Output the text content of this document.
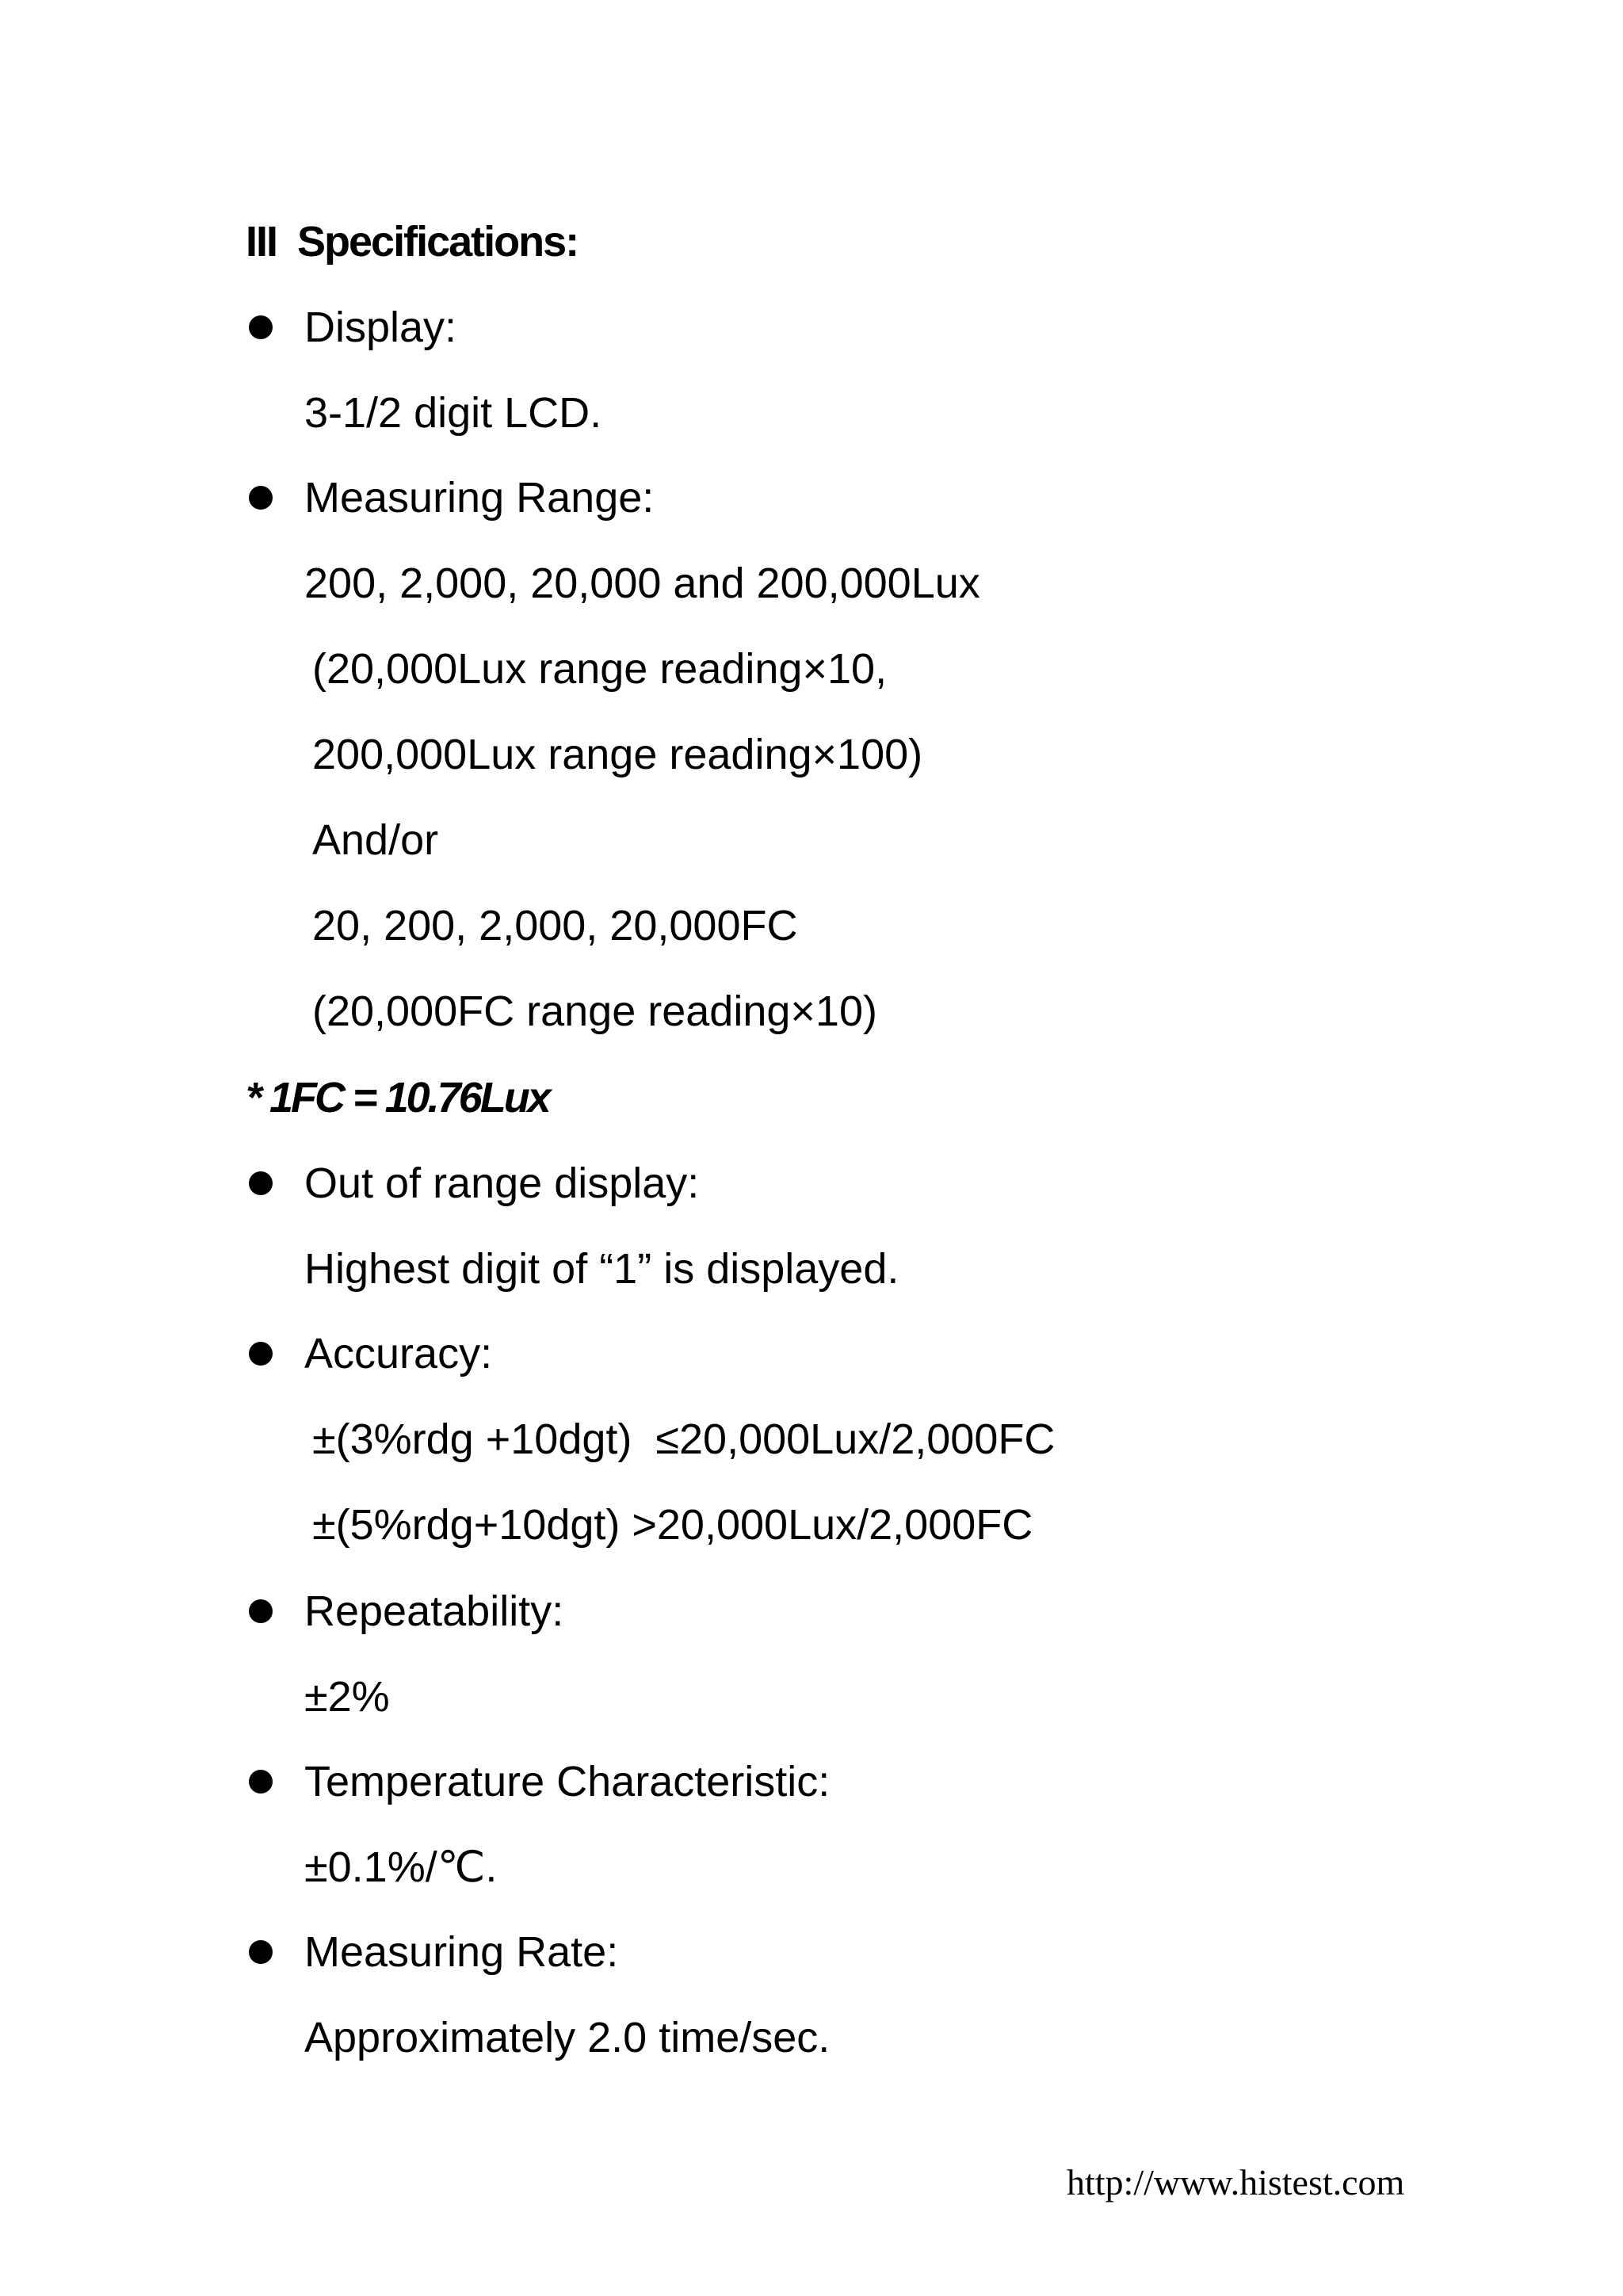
III  Specifications:
Display:
3-1/2 digit LCD.
Measuring Range:
200, 2,000, 20,000 and 200,000Lux
(20,000Lux range reading×10,
200,000Lux range reading×100)
And/or
20, 200, 2,000, 20,000FC
(20,000FC range reading×10)
* 1FC = 10.76Lux
Out of range display:
Highest digit of “1” is displayed.
Accuracy:
±(3%rdg +10dgt)  ≤20,000Lux/2,000FC
±(5%rdg+10dgt) >20,000Lux/2,000FC
Repeatability:
±2%
Temperature Characteristic:
±0.1%/℃.
Measuring Rate:
Approximately 2.0 time/sec.
http://www.histest.com
